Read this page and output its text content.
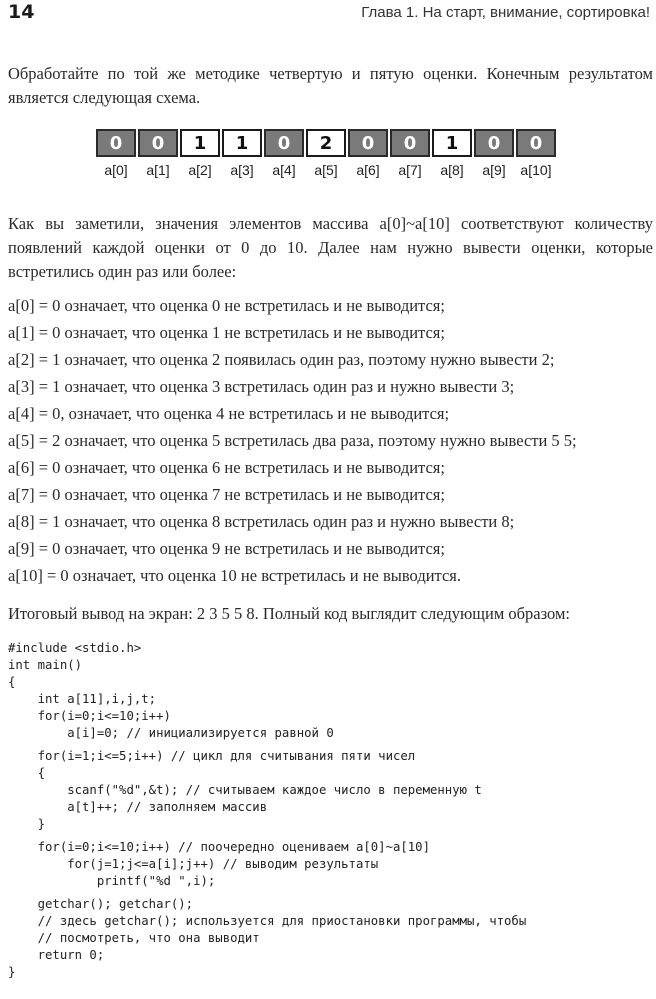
14	Глава 1. На старт, внимание, сортировка!

Обработайте по той же методике четвертую и пятую оценки. Конечным результатом является следующая схема.

0	0	1	1	0	2	0	0	1	0	0
a[0]	a[1]	a[2]	a[3]	a[4]	a[5]	a[6]	a[7]	a[8]	a[9]	a[10]

Как вы заметили, значения элементов массива a[0]~a[10] соответствуют количеству появлений каждой оценки от 0 до 10. Далее нам нужно вывести оценки, которые встретились один раз или более:

a[0] = 0 означает, что оценка 0 не встретилась и не выводится;
a[1] = 0 означает, что оценка 1 не встретилась и не выводится;
a[2] = 1 означает, что оценка 2 появилась один раз, поэтому нужно вывести 2;
a[3] = 1 означает, что оценка 3 встретилась один раз и нужно вывести 3;
a[4] = 0, означает, что оценка 4 не встретилась и не выводится;
a[5] = 2 означает, что оценка 5 встретилась два раза, поэтому нужно вывести 5 5;
a[6] = 0 означает, что оценка 6 не встретилась и не выводится;
a[7] = 0 означает, что оценка 7 не встретилась и не выводится;
a[8] = 1 означает, что оценка 8 встретилась один раз и нужно вывести 8;
a[9] = 0 означает, что оценка 9 не встретилась и не выводится;
a[10] = 0 означает, что оценка 10 не встретилась и не выводится.

Итоговый вывод на экран: 2 3 5 5 8. Полный код выглядит следующим образом:

#include <stdio.h>
int main()
{
int a[11],i,j,t;
for(i=0;i<=10;i++)
a[i]=0; // инициализируется равной 0
for(i=1;i<=5;i++) // цикл для считывания пяти чисел
{
scanf("%d",&t); // считываем каждое число в переменную t
a[t]++; // заполняем массив
}
for(i=0;i<=10;i++) // поочередно оцениваем a[0]~a[10]
for(j=1;j<=a[i];j++) // выводим результаты
printf("%d ",i);
getchar(); getchar();
// здесь getchar(); используется для приостановки программы, чтобы
// посмотреть, что она выводит
return 0;
}
